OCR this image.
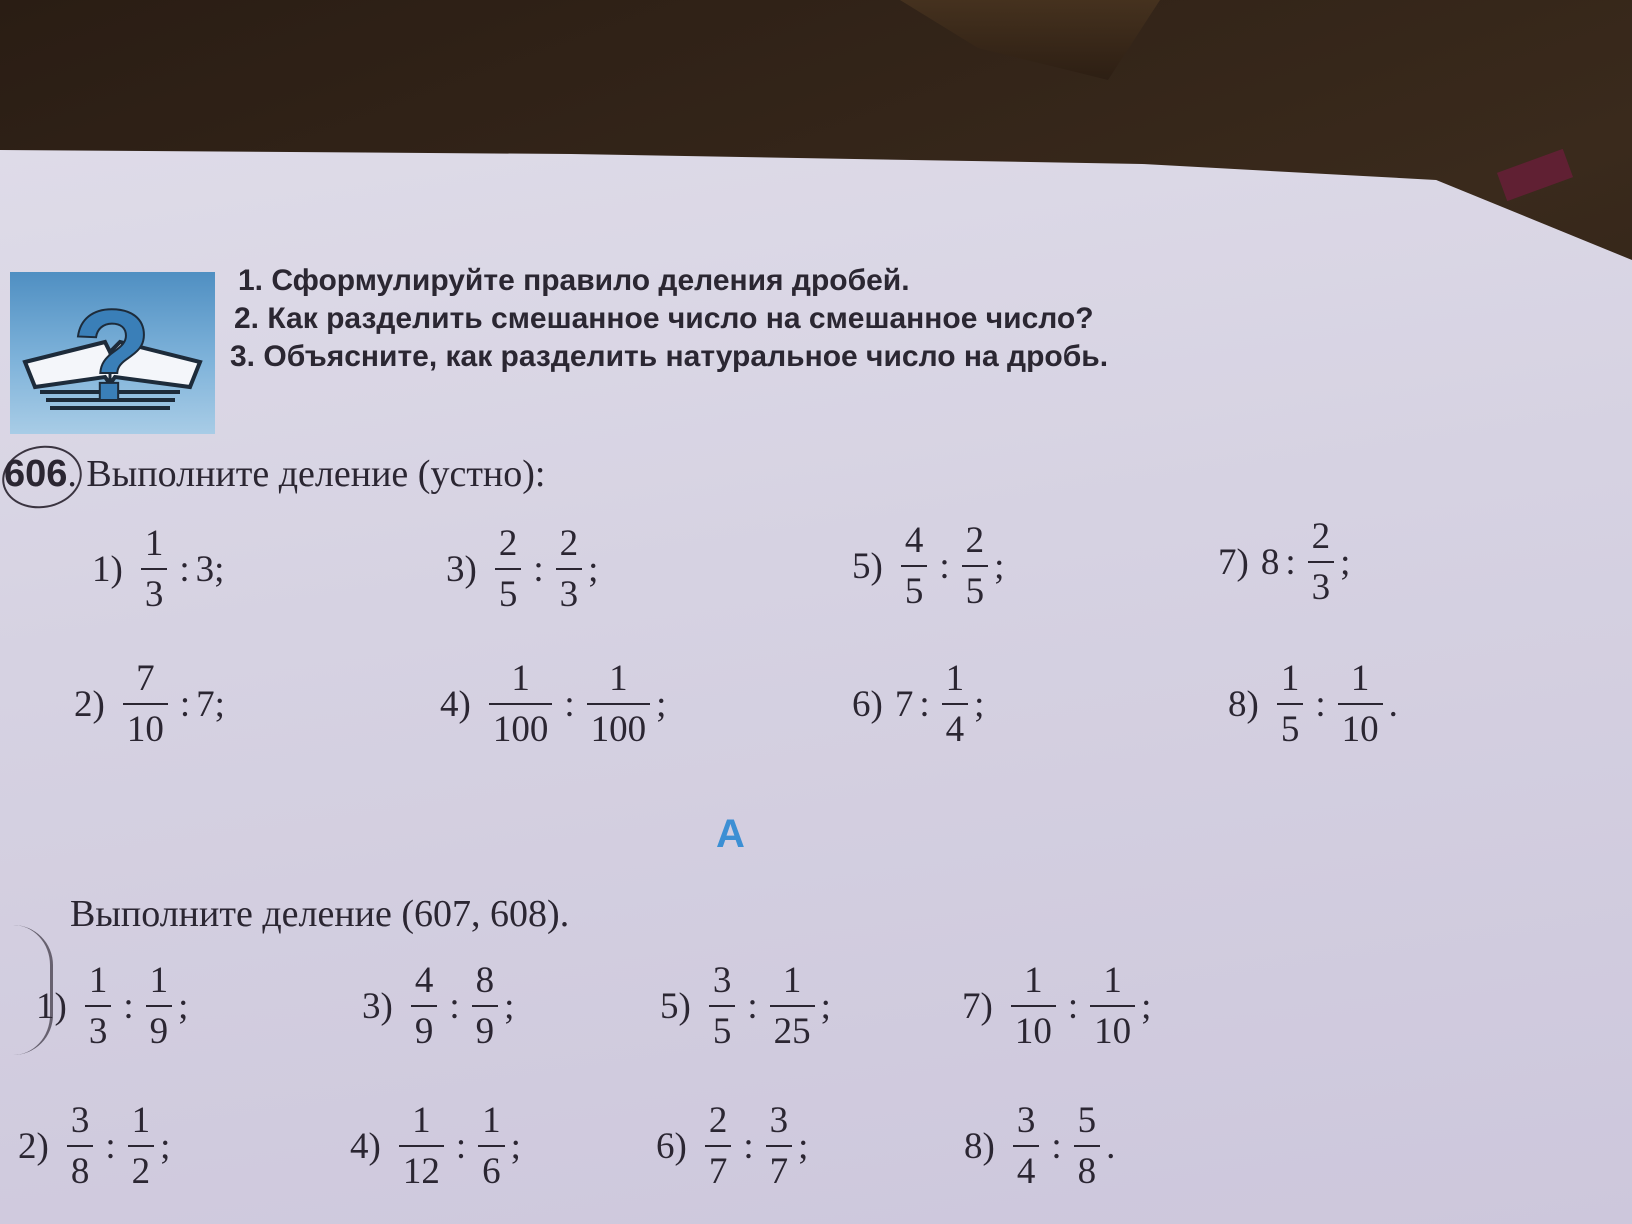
?
1. Сформулируйте правило деления дробей.
2. Как разделить смешанное число на смешанное число?
3. Объясните, как разделить натуральное число на дробь.
606. Выполните деление (устно):
$1) \frac{1}{3}$ : 3 ;
$2) \frac{7}{10}$ : 7 ;
$3) \frac{2}{5}$ : $\frac{2}{3}$ ;
$4) \frac{1}{100}$ : $\frac{1}{100}$ ;
$5) \frac{4}{5}$ : $\frac{2}{5}$ ;
6) 7 : $\frac{1}{4}$ ;
7) 8 : $\frac{2}{3}$ ;
$8) \frac{1}{5}$ : $\frac{1}{10}$ .
А
Выполните деление (607, 608).
$1) \frac{1}{3}$ : $\frac{1}{9}$ ;
$2) \frac{3}{8}$ : $\frac{1}{2}$ ;
$3) \frac{4}{9}$ : $\frac{8}{9}$ ;
$4) \frac{1}{12}$ : $\frac{1}{6}$ ;
$5) \frac{3}{5}$ : $\frac{1}{25}$ ;
$6) \frac{2}{7}$ : $\frac{3}{7}$ ;
$7) \frac{1}{10}$ : $\frac{1}{10}$ ;
$8) \frac{3}{4}$ : $\frac{5}{8}$ .
